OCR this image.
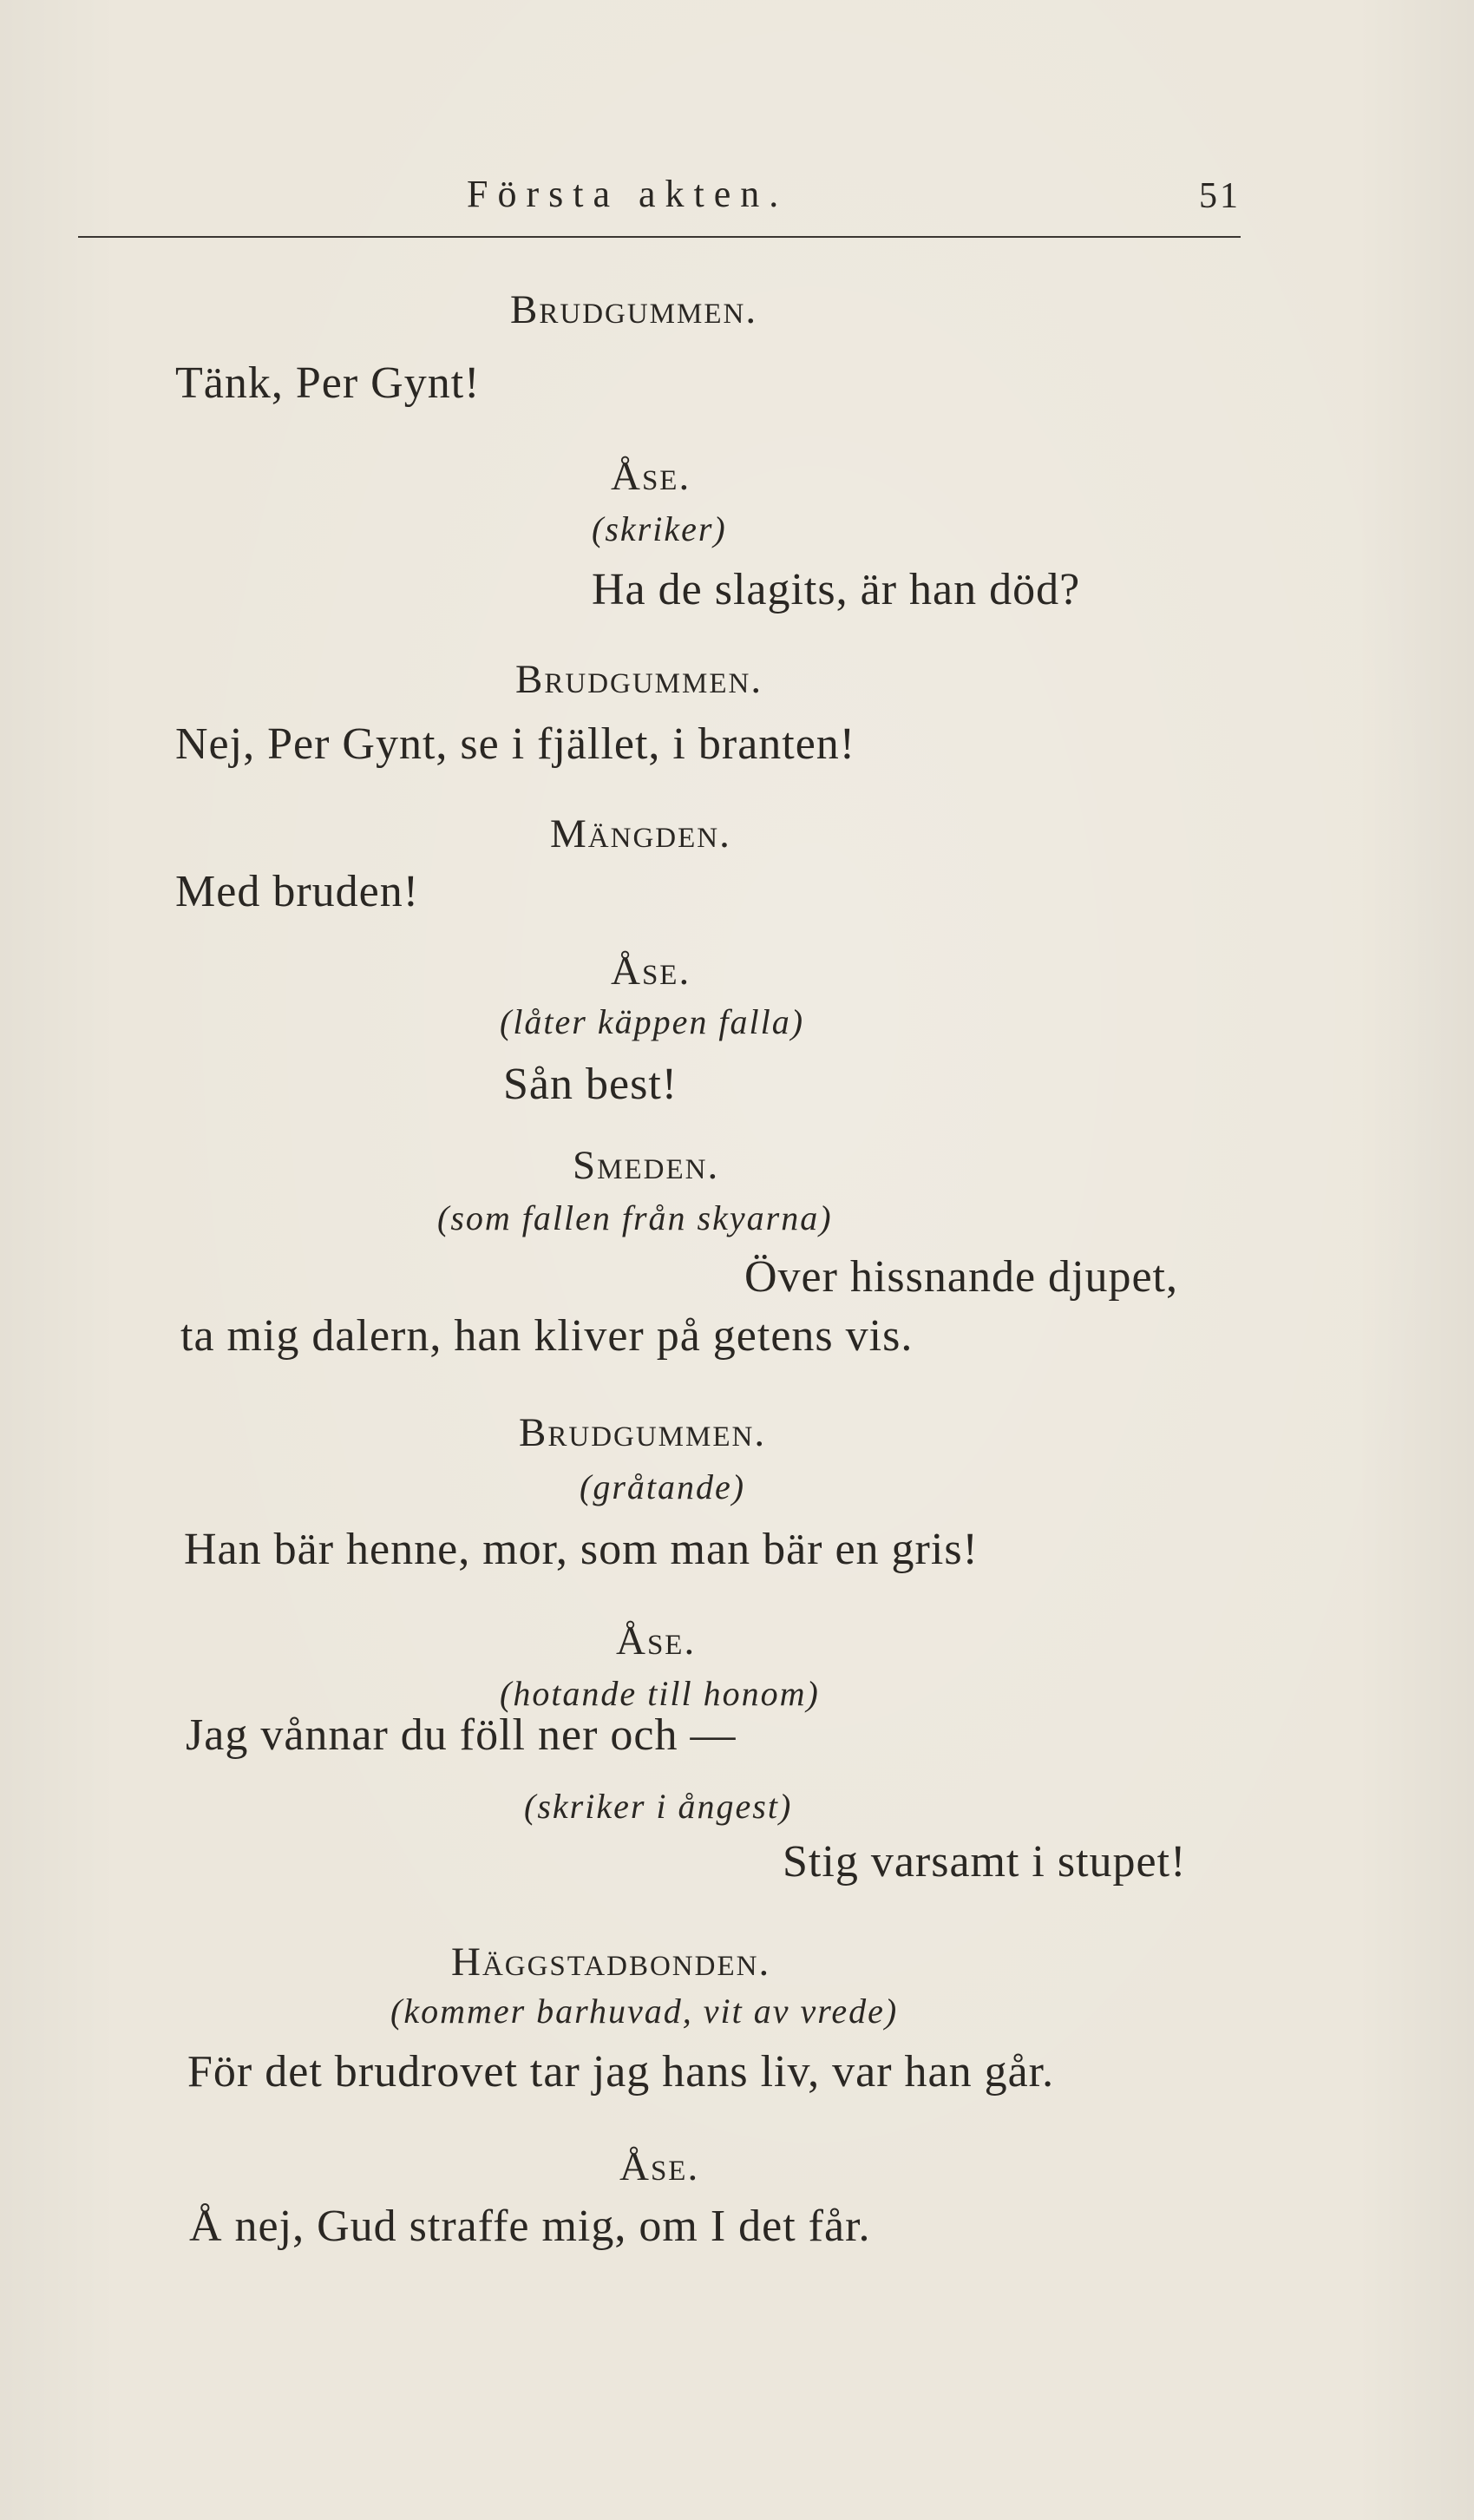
Första akten.	51
Brudgummen.
Tänk, Per Gynt!
Åse.
(skriker)
Ha de slagits, är han död?
Brudgummen.
Nej, Per Gynt, se i fjället, i branten!
Mängden.
Med bruden!
Åse.
(låter käppen falla)
Sån best!
Smeden.
(som fallen från skyarna)
Över hissnande djupet,
ta mig dalern, han kliver på getens vis.
Brudgummen.
(gråtande)
Han bär henne, mor, som man bär en gris!
Åse.
(hotande till honom)
Jag vånnar du föll ner och —
(skriker i ångest)
Stig varsamt i stupet!
Häggstadbonden.
(kommer barhuvad, vit av vrede)
För det brudrovet tar jag hans liv, var han går.
Åse.
Å nej, Gud straffe mig, om I det får.
